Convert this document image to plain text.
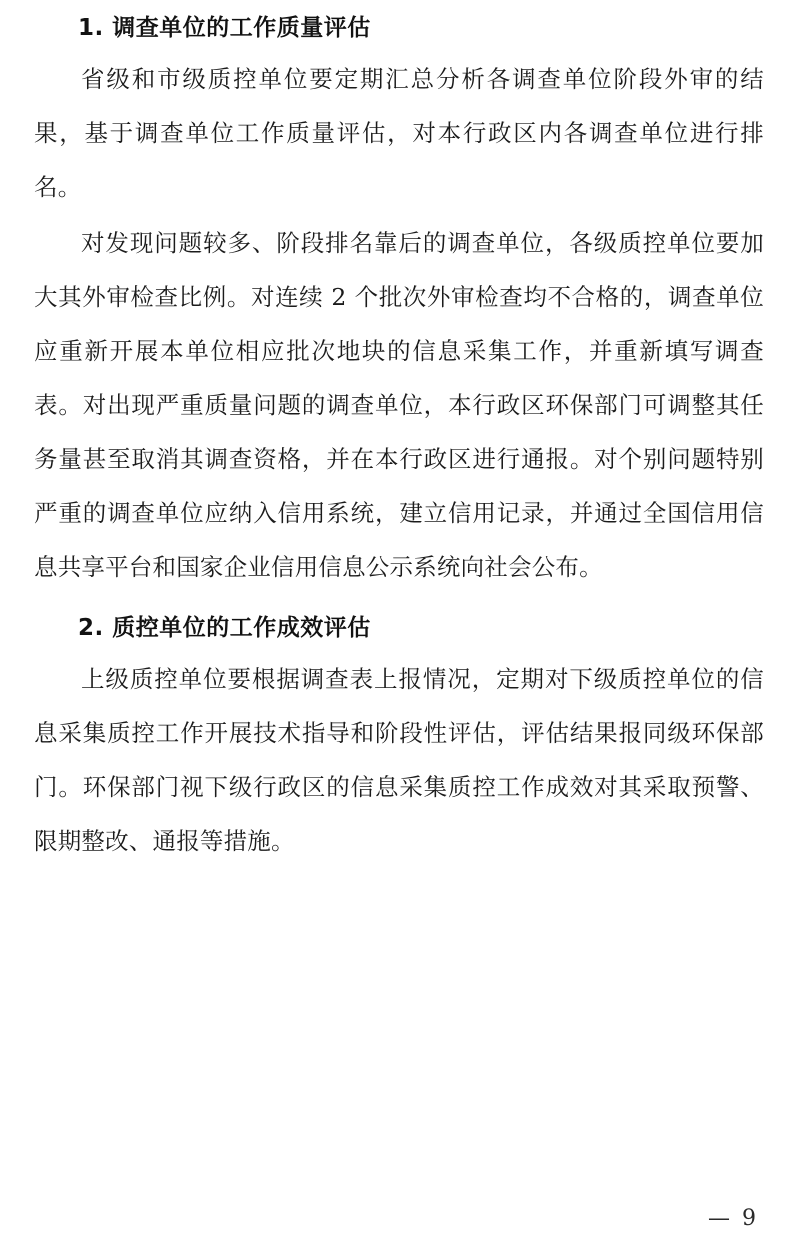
1. 调查单位的工作质量评估

省级和市级质控单位要定期汇总分析各调查单位阶段外审的结果，基于调查单位工作质量评估，对本行政区内各调查单位进行排名。

对发现问题较多、阶段排名靠后的调查单位，各级质控单位要加大其外审检查比例。对连续 2 个批次外审检查均不合格的，调查单位应重新开展本单位相应批次地块的信息采集工作，并重新填写调查表。对出现严重质量问题的调查单位，本行政区环保部门可调整其任务量甚至取消其调查资格，并在本行政区进行通报。对个别问题特别严重的调查单位应纳入信用系统，建立信用记录，并通过全国信用信息共享平台和国家企业信用信息公示系统向社会公布。

2. 质控单位的工作成效评估

上级质控单位要根据调查表上报情况，定期对下级质控单位的信息采集质控工作开展技术指导和阶段性评估，评估结果报同级环保部门。环保部门视下级行政区的信息采集质控工作成效对其采取预警、限期整改、通报等措施。

— 9
